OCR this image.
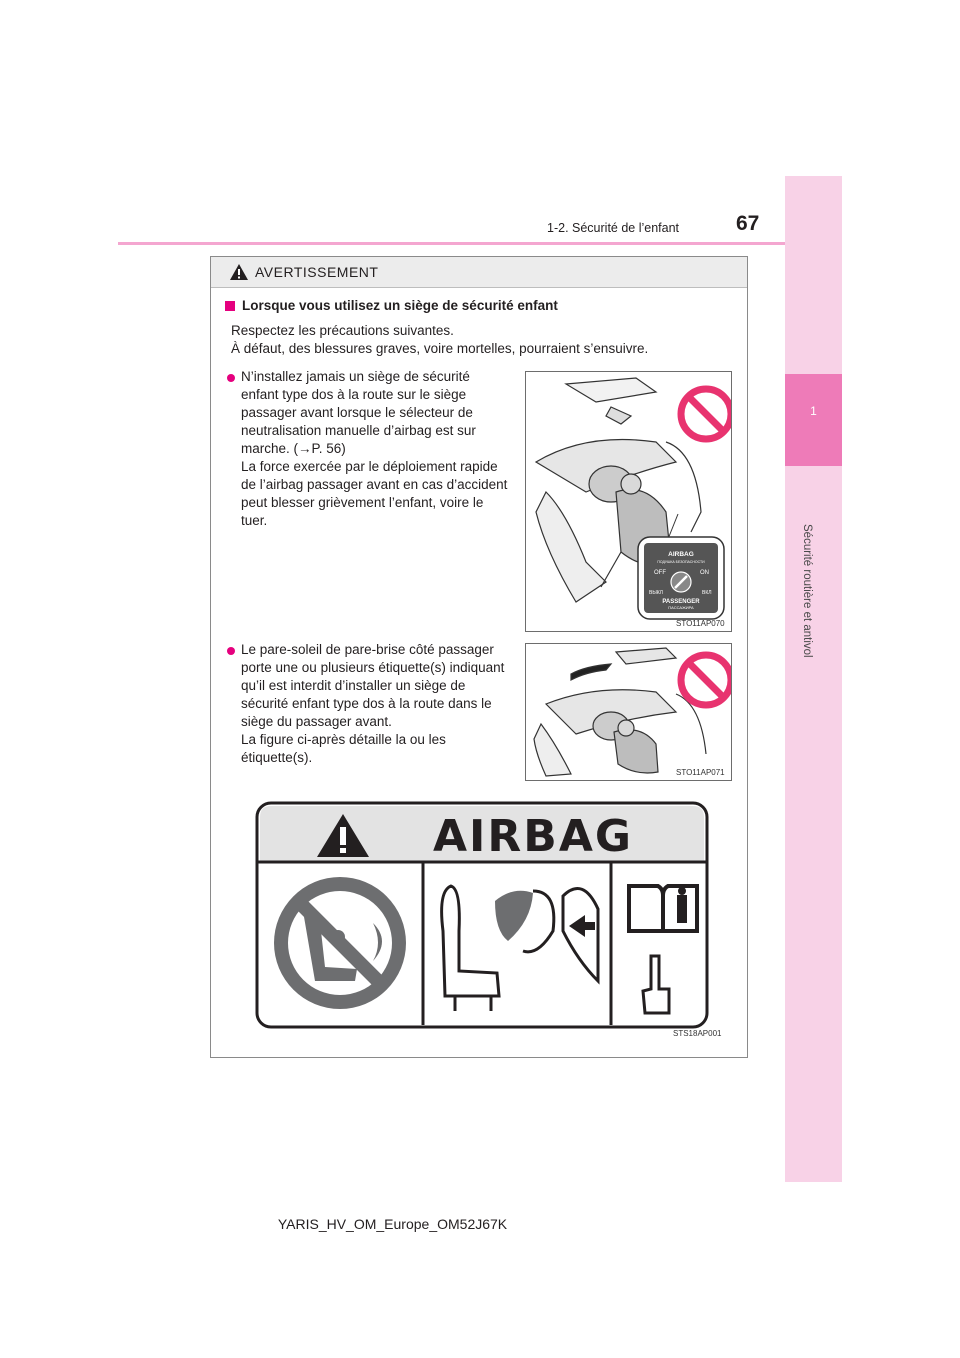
1
Sécurité routière et antivol
1-2. Sécurité de l’enfant	67
AVERTISSEMENT
Lorsque vous utilisez un siège de sécurité enfant
Respectez les précautions suivantes.
À défaut, des blessures graves, voire mortelles, pourraient s’ensuivre.
N’installez jamais un siège de sécurité
enfant type dos à la route sur le siège
passager avant lorsque le sélecteur de
neutralisation manuelle d’airbag est sur
marche. (→P. 56)
La force exercée par le déploiement rapide
de l’airbag passager avant en cas d’accident
peut blesser grièvement l’enfant, voire le
tuer.
AIRBAG
ПОДУШКА БЕЗОПАСНОСТИ
OFF	ON
ВЫКЛ	ВКЛ
PASSENGER
ПАССАЖИРА
STO11AP070
Le pare-soleil de pare-brise côté passager
porte une ou plusieurs étiquette(s) indiquant
qu’il est interdit d’installer un siège de
sécurité enfant type dos à la route dans le
siège du passager avant.
La figure ci-après détaille la ou les
étiquette(s).
STO11AP071
AIRBAG
STS18AP001
YARIS_HV_OM_Europe_OM52J67K
